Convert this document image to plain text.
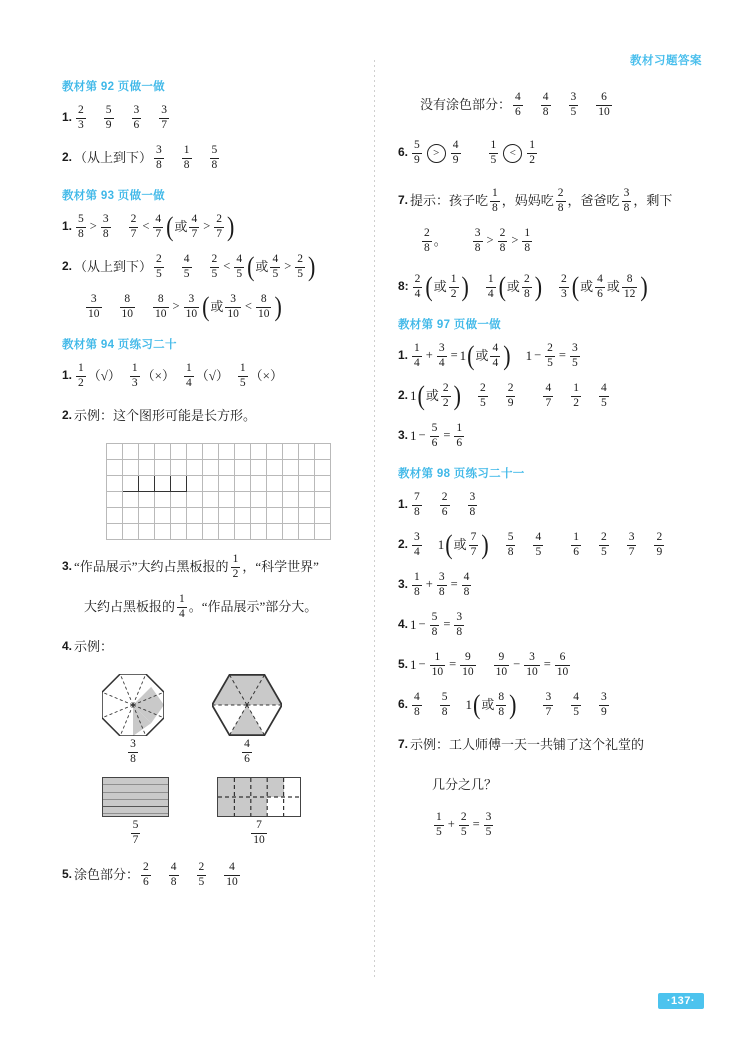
教材习题答案
教材第 92 页做一做
1. $\frac{2}{3} \frac{5}{9} \frac{3}{6} \frac{3}{7}$
2. （从上到下） $\frac{3}{8} \frac{1}{8} \frac{5}{8}$
教材第 93 页做一做
1. $\frac{5}{8} > \frac{3}{8} \frac{2}{7} < \frac{4}{7}$ ( 或 $\frac{4}{7} > \frac{2}{7}$ )
2. （从上到下） $\frac{2}{5} \frac{4}{5} \frac{2}{5} < \frac{4}{5}$ ( 或 $\frac{4}{5} > \frac{2}{5}$ )
$\frac{3}{10} \frac{8}{10} \frac{8}{10} > \frac{3}{10}$ ( 或 $\frac{3}{10} < \frac{8}{10}$ )
教材第 94 页练习二十
1. $\frac{1}{2}$ （√） $\frac{1}{3}$ （×） $\frac{1}{4}$ （√） $\frac{1}{5}$ （×）
2. 示例：这个图形可能是长方形。

3. “作品展示”大约占黑板报的 $\frac{1}{2}$ ，“科学世界”
大约占黑板报的 $\frac{1}{4}$ 。“作品展示”部分大。
4. 示例：
$\frac{3}{8}$	$\frac{4}{6}$
$\frac{5}{7}$	$\frac{7}{10}$
5. 涂色部分： $\frac{2}{6} \frac{4}{8} \frac{2}{5} \frac{4}{10}$
没有涂色部分： $\frac{4}{6} \frac{4}{8} \frac{3}{5} \frac{6}{10}$
6. $\frac{5}{9}$	> $\frac{4}{9} \frac{1}{5}$	< $\frac{1}{2}$
7. 提示：孩子吃 $\frac{1}{8}$ ，妈妈吃 $\frac{2}{8}$ ，爸爸吃 $\frac{3}{8}$ ，剩下
$\frac{2}{8}$ 。 $\frac{3}{8} > \frac{2}{8} > \frac{1}{8}$
8: $\frac{2}{4}$ ( 或 $\frac{1}{2}$ ) $\frac{1}{4}$ ( 或 $\frac{2}{8}$ ) $\frac{2}{3}$ ( 或 $\frac{4}{6}$ 或 $\frac{8}{12}$ )
教材第 97 页做一做
1. $\frac{1}{4} + \frac{3}{4} = 1$ ( 或 $\frac{4}{4}$ ) $1 - \frac{2}{5} = \frac{3}{5}$
2. 1 ( 或 $\frac{2}{2}$ ) $\frac{2}{5} \frac{2}{9} \frac{4}{7} \frac{1}{2} \frac{4}{5}$
3. $1 - \frac{5}{6} = \frac{1}{6}$
教材第 98 页练习二十一
1. $\frac{7}{8} \frac{2}{6} \frac{3}{8}$
2. $\frac{3}{4} 1$ ( 或 $\frac{7}{7}$ ) $\frac{5}{8} \frac{4}{5} \frac{1}{6} \frac{2}{5} \frac{3}{7} \frac{2}{9}$
3. $\frac{1}{8} + \frac{3}{8} = \frac{4}{8}$
4. $1 - \frac{5}{8} = \frac{3}{8}$
5. $1 - \frac{1}{10} = \frac{9}{10} \frac{9}{10} - \frac{3}{10} = \frac{6}{10}$
6. $\frac{4}{8} \frac{5}{8} 1$ ( 或 $\frac{8}{8}$ ) $\frac{3}{7} \frac{4}{5} \frac{3}{9}$
7. 示例：工人师傅一天一共铺了这个礼堂的
几分之几？
$\frac{1}{5} + \frac{2}{5} = \frac{3}{5}$
·137·
